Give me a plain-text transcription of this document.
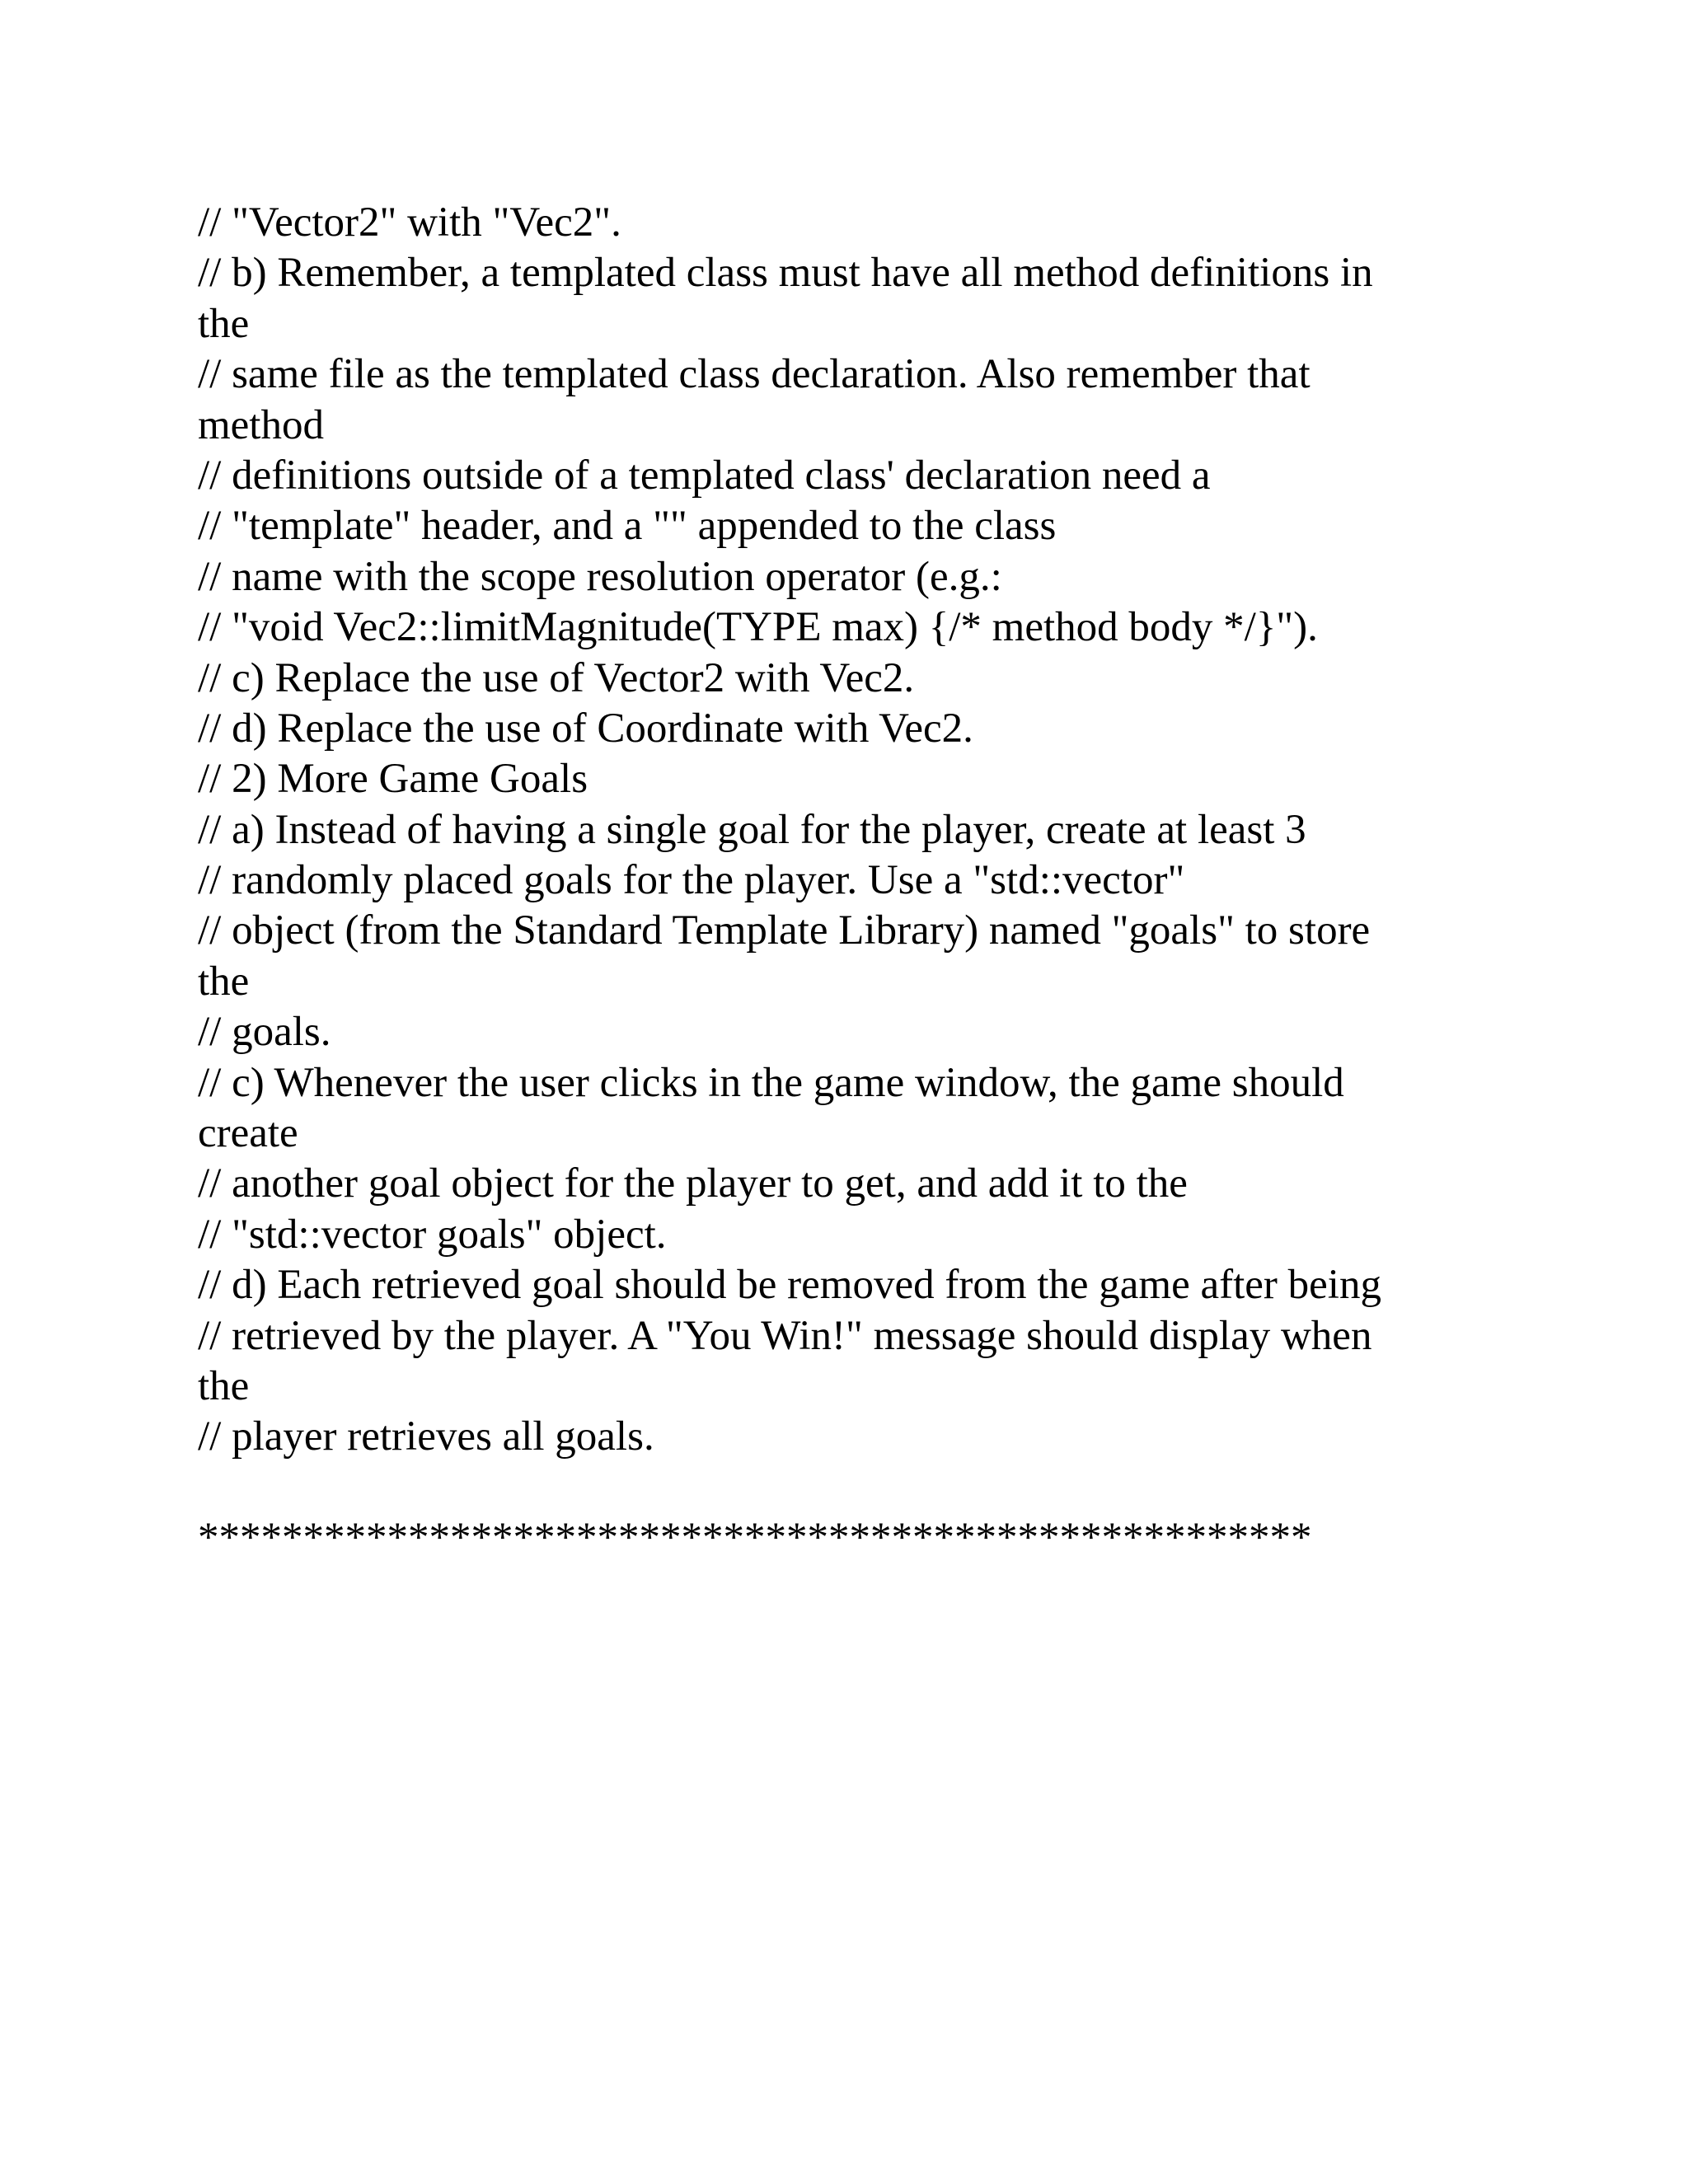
// "Vector2" with "Vec2".
// b) Remember, a templated class must have all method definitions in
the
// same file as the templated class declaration. Also remember that
method
// definitions outside of a templated class' declaration need a
// "template" header, and a "" appended to the class
// name with the scope resolution operator (e.g.:
// "void Vec2::limitMagnitude(TYPE max) {/* method body */}").
// c) Replace the use of Vector2 with Vec2.
// d) Replace the use of Coordinate with Vec2.
// 2) More Game Goals
// a) Instead of having a single goal for the player, create at least 3
// randomly placed goals for the player. Use a "std::vector"
// object (from the Standard Template Library) named "goals" to store
the
// goals.
// c) Whenever the user clicks in the game window, the game should
create
// another goal object for the player to get, and add it to the
// "std::vector goals" object.
// d) Each retrieved goal should be removed from the game after being
// retrieved by the player. A "You Win!" message should display when
the
// player retrieves all goals.
*****************************************************
